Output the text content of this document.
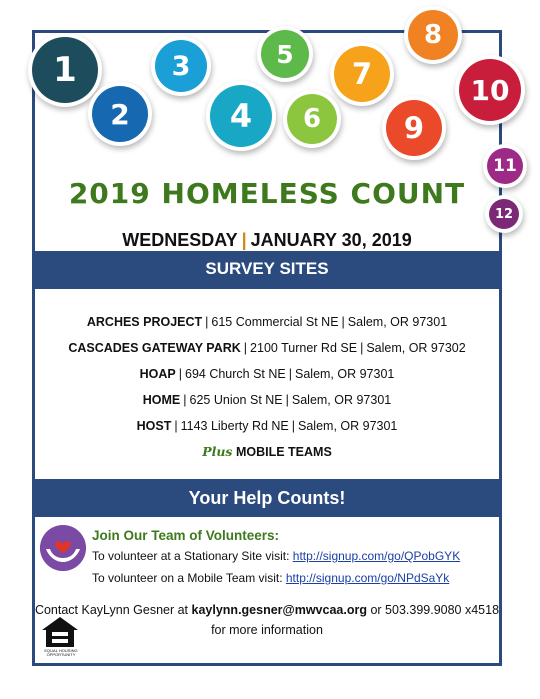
1
2
3
4
5
6
7
8
9
10
11
12
2019 HOMELESS COUNT
WEDNESDAY | JANUARY 30, 2019
SURVEY SITES
ARCHES PROJECT | 615 Commercial St NE | Salem, OR 97301
CASCADES GATEWAY PARK | 2100 Turner Rd SE | Salem, OR 97302
HOAP | 694 Church St NE | Salem, OR 97301
HOME | 625 Union St NE | Salem, OR 97301
HOST | 1143 Liberty Rd NE | Salem, OR 97301
Plus MOBILE TEAMS
Your Help Counts!
Join Our Team of Volunteers:
To volunteer at a Stationary Site visit: http://signup.com/go/QPobGYK
To volunteer on a Mobile Team visit: http://signup.com/go/NPdSaYk
Contact KayLynn Gesner at kaylynn.gesner@mwvcaa.org or 503.399.9080 x4518
for more information
EQUAL HOUSING OPPORTUNITY
